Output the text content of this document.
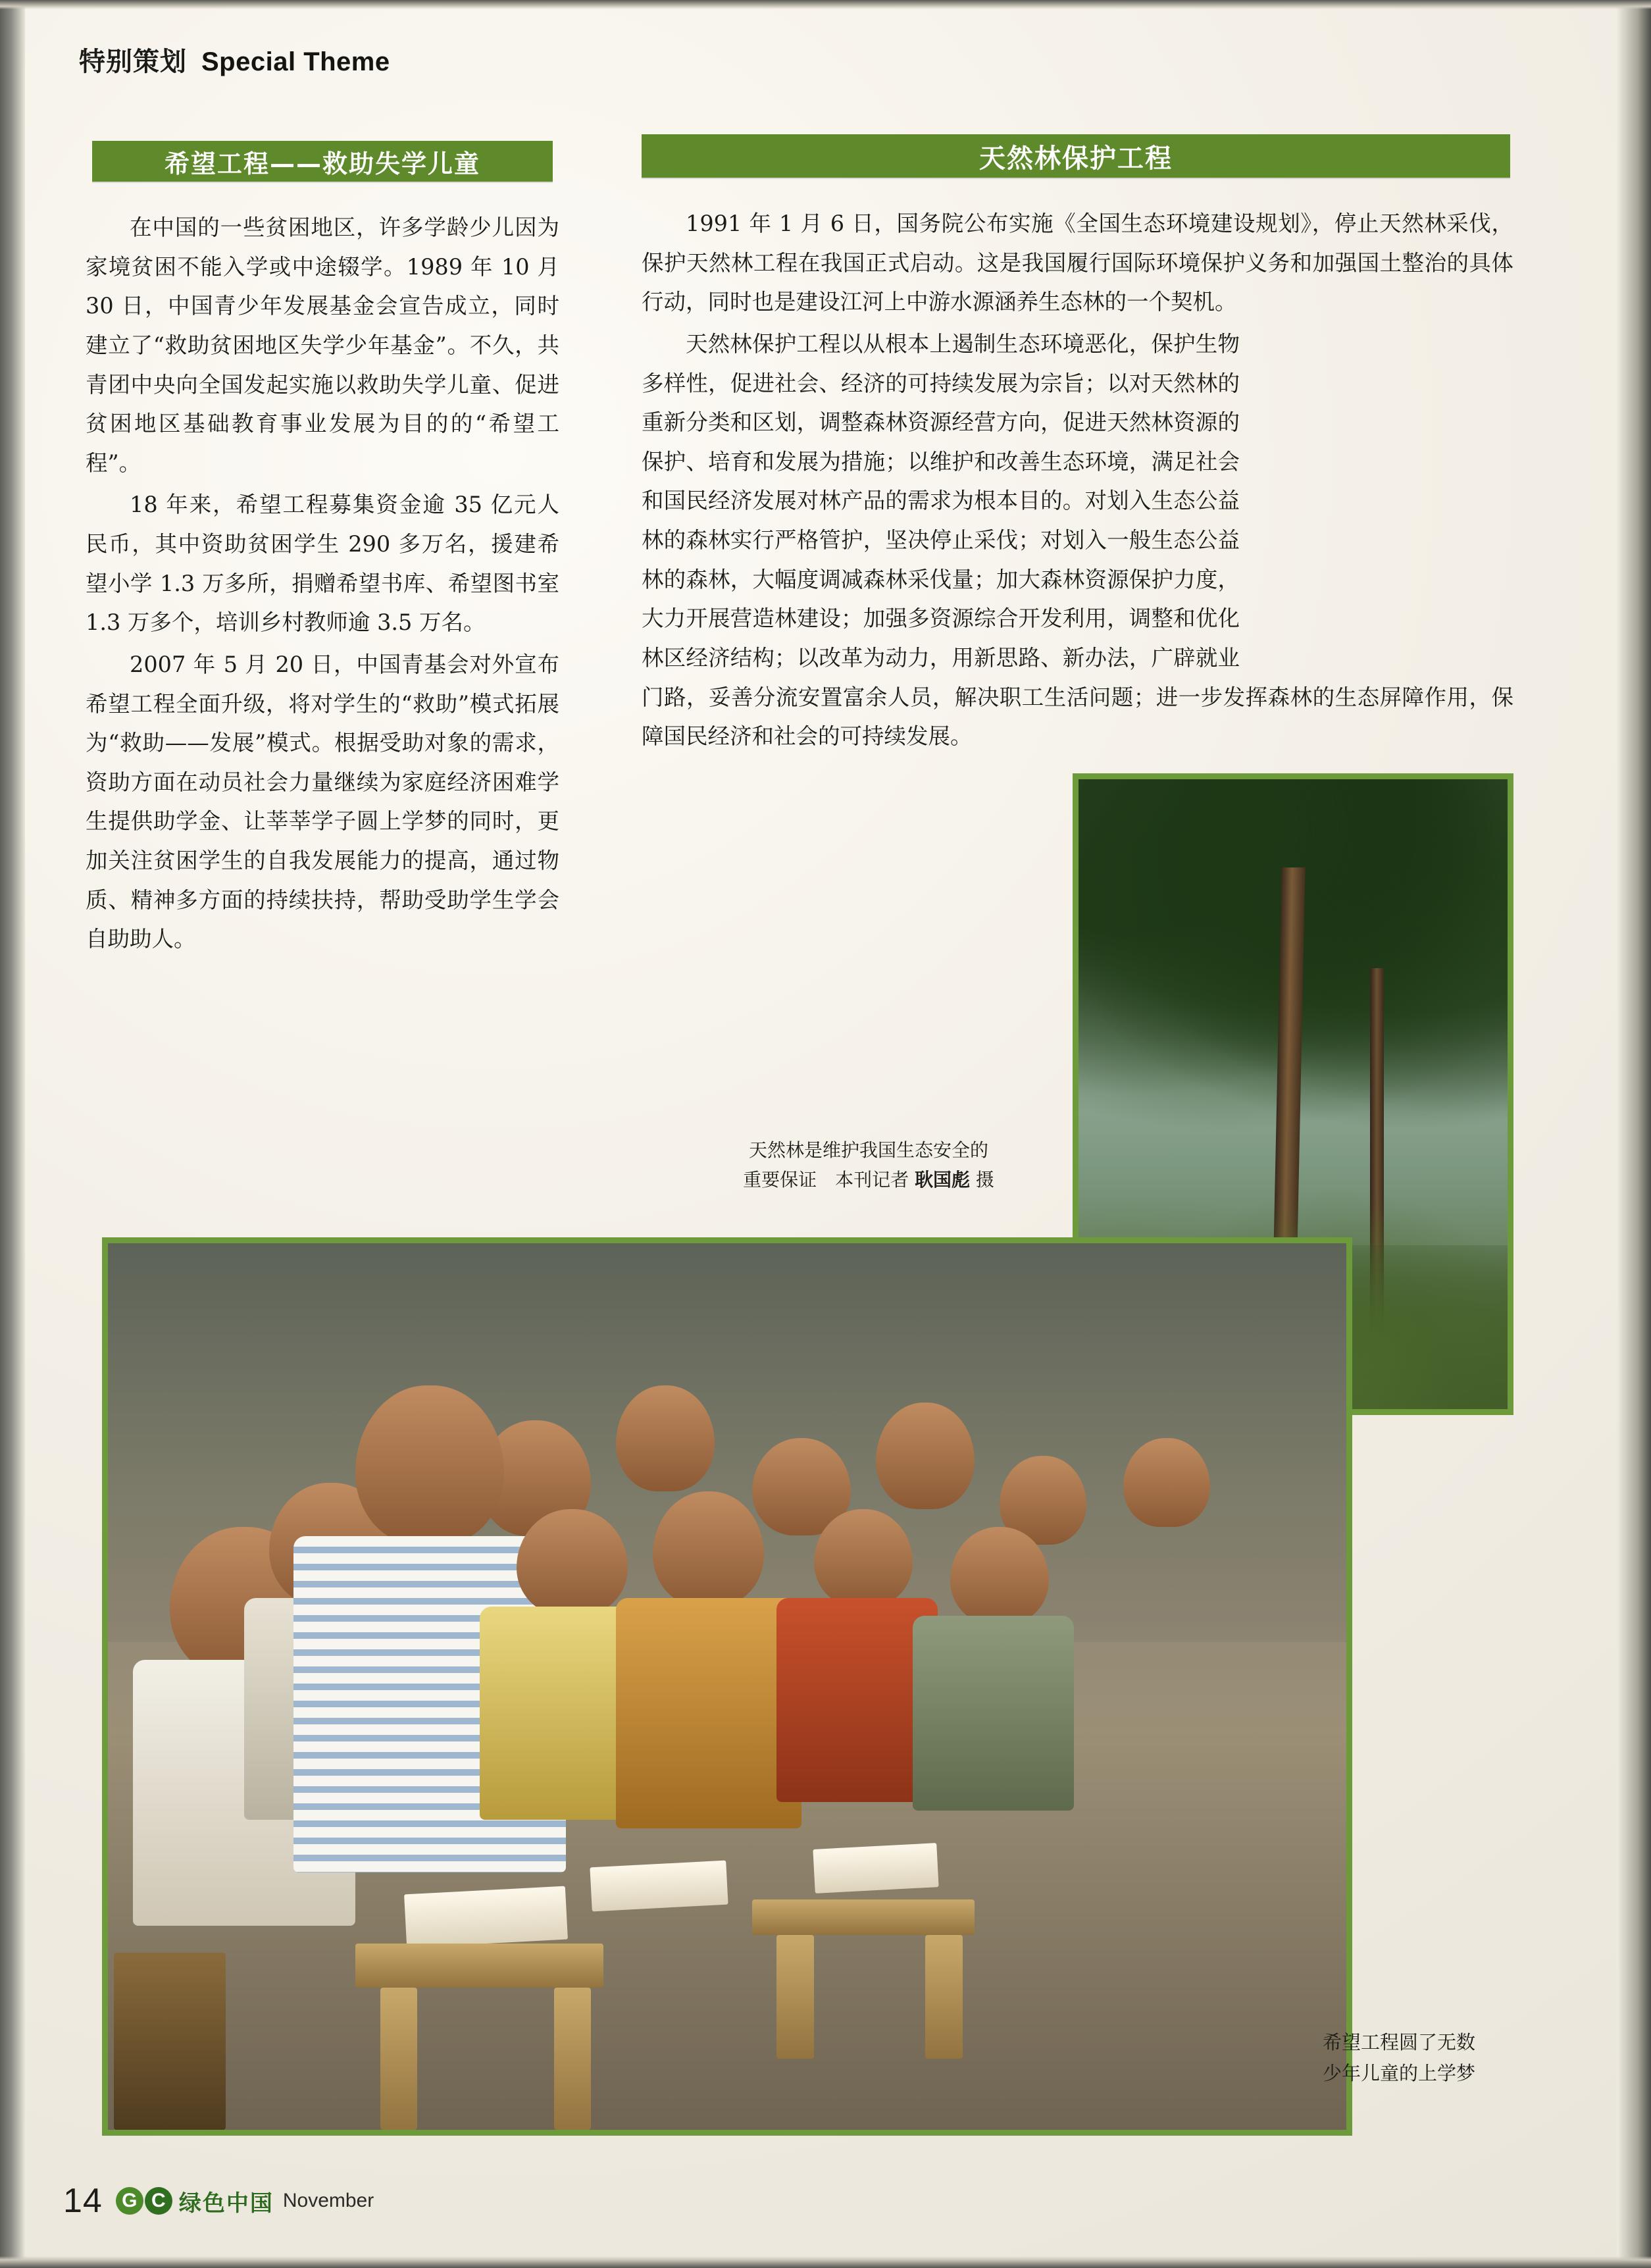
特别策划 Special Theme
希望工程——救助失学儿童	天然林保护工程

在中国的一些贫困地区，许多学龄少儿因为家境贫困不能入学或中途辍学。1989 年 10 月 30 日，中国青少年发展基金会宣告成立，同时建立了“救助贫困地区失学少年基金”。不久，共青团中央向全国发起实施以救助失学儿童、促进贫困地区基础教育事业发展为目的的“希望工程”。

18 年来，希望工程募集资金逾 35 亿元人民币，其中资助贫困学生 290 多万名，援建希望小学 1.3 万多所，捐赠希望书库、希望图书室 1.3 万多个，培训乡村教师逾 3.5 万名。

2007 年 5 月 20 日，中国青基会对外宣布希望工程全面升级，将对学生的“救助”模式拓展为“救助——发展”模式。根据受助对象的需求，资助方面在动员社会力量继续为家庭经济困难学生提供助学金、让莘莘学子圆上学梦的同时，更加关注贫困学生的自我发展能力的提高，通过物质、精神多方面的持续扶持，帮助受助学生学会自助助人。

1991 年 1 月 6 日，国务院公布实施《全国生态环境建设规划》，停止天然林采伐，保护天然林工程在我国正式启动。这是我国履行国际环境保护义务和加强国土整治的具体行动，同时也是建设江河上中游水源涵养生态林的一个契机。

天然林保护工程以从根本上遏制生态环境恶化，保护生物多样性，促进社会、经济的可持续发展为宗旨；以对天然林的重新分类和区划，调整森林资源经营方向，促进天然林资源的保护、培育和发展为措施；以维护和改善生态环境，满足社会和国民经济发展对林产品的需求为根本目的。对划入生态公益林的森林实行严格管护，坚决停止采伐；对划入一般生态公益林的森林，大幅度调减森林采伐量；加大森林资源保护力度，大力开展营造林建设；加强多资源综合开发利用，调整和优化林区经济结构；以改革为动力，用新思路、新办法，广辟就业门路，妥善分流安置富余人员，解决职工生活问题；进一步发挥森林的生态屏障作用，保障国民经济和社会的可持续发展。

天然林是维护我国生态安全的
重要保证　本刊记者 耿国彪 摄
希望工程圆了无数
少年儿童的上学梦
14 G C 绿色中国 November
